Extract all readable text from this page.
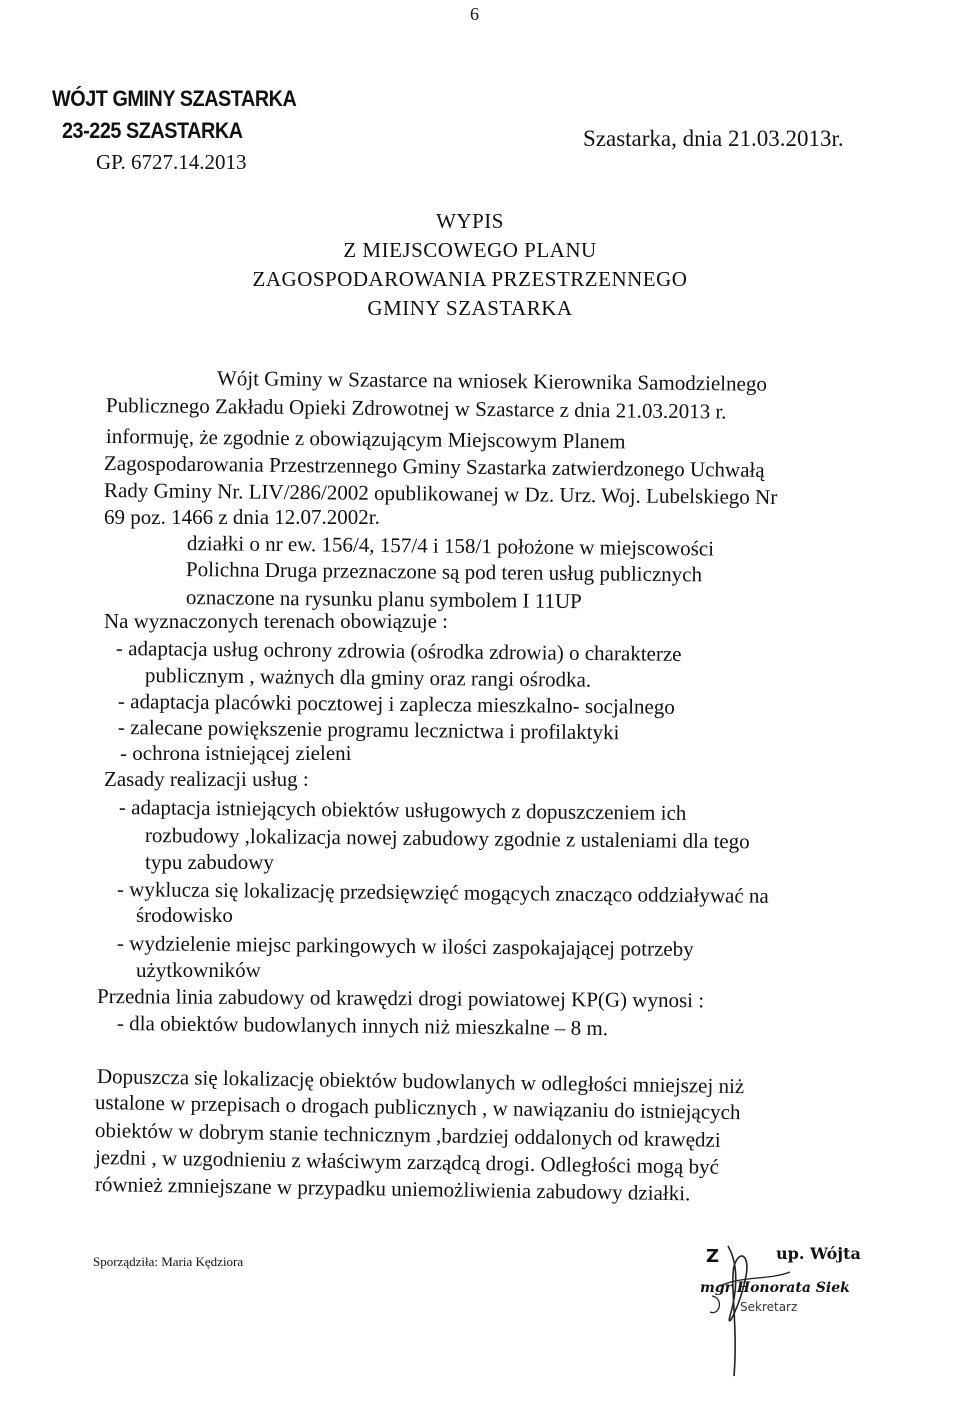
6
WÓJT GMINY SZASTARKA
23-225 SZASTARKA
GP. 6727.14.2013
Szastarka, dnia 21.03.2013r.
WYPIS
Z MIEJSCOWEGO PLANU
ZAGOSPODAROWANIA PRZESTRZENNEGO
GMINY SZASTARKA
Wójt Gminy w Szastarce na wniosek Kierownika Samodzielnego
Publicznego Zakładu Opieki Zdrowotnej w Szastarce z dnia 21.03.2013 r.
informuję, że zgodnie z obowiązującym Miejscowym Planem
Zagospodarowania Przestrzennego Gminy Szastarka zatwierdzonego Uchwałą
Rady Gminy Nr. LIV/286/2002 opublikowanej w Dz. Urz. Woj. Lubelskiego Nr
69 poz. 1466 z dnia 12.07.2002r.
działki o nr ew. 156/4, 157/4 i 158/1 położone w miejscowości
Polichna Druga przeznaczone są pod teren usług publicznych
oznaczone na rysunku planu symbolem I 11UP
Na wyznaczonych terenach obowiązuje :
- adaptacja usług ochrony zdrowia (ośrodka zdrowia) o charakterze
publicznym , ważnych dla gminy oraz rangi ośrodka.
- adaptacja placówki pocztowej i zaplecza mieszkalno- socjalnego
- zalecane powiększenie programu lecznictwa i profilaktyki
- ochrona istniejącej zieleni
Zasady realizacji usług :
- adaptacja istniejących obiektów usługowych z dopuszczeniem ich
rozbudowy ,lokalizacja nowej zabudowy zgodnie z ustaleniami dla tego
typu zabudowy
- wyklucza się lokalizację przedsięwzięć mogących znacząco oddziaływać na
środowisko
- wydzielenie miejsc parkingowych w ilości zaspokajającej potrzeby
użytkowników
Przednia linia zabudowy od krawędzi drogi powiatowej KP(G) wynosi :
- dla obiektów budowlanych innych niż mieszkalne – 8 m.
Dopuszcza się lokalizację obiektów budowlanych w odległości mniejszej niż
ustalone w przepisach o drogach publicznych , w nawiązaniu do istniejących
obiektów w dobrym stanie technicznym ,bardziej oddalonych od krawędzi
jezdni , w uzgodnieniu z właściwym zarządcą drogi. Odległości mogą być
również zmniejszane w przypadku uniemożliwienia zabudowy działki.
Sporządziła: Maria Kędziora	Z	up. Wójta
mgr Honorata Siek
Sekretarz
